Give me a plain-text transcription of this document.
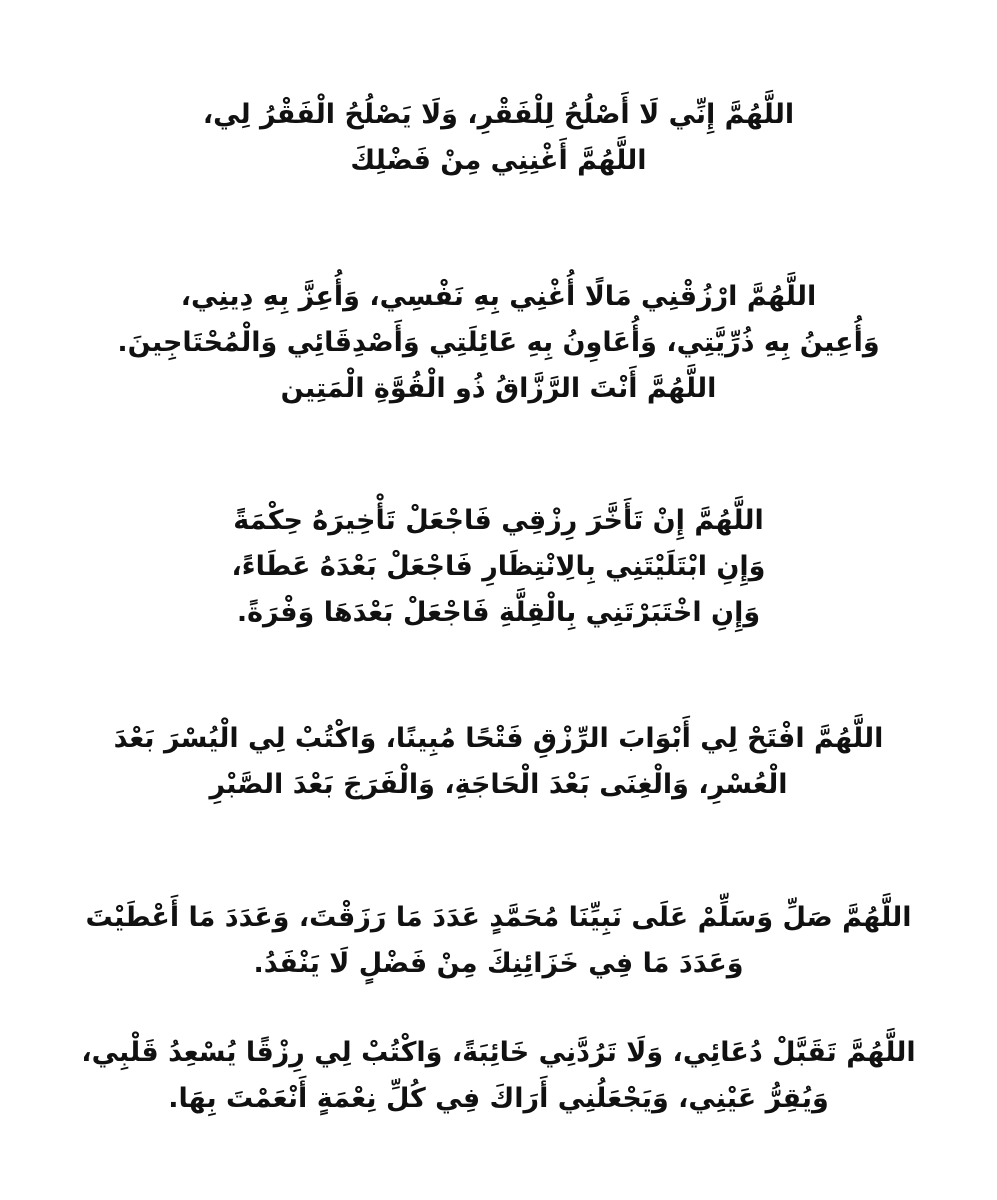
اللَّهُمَّ إِنِّي لَا أَصْلُحُ لِلْفَقْرِ، وَلَا يَصْلُحُ الْفَقْرُ لِي،
اللَّهُمَّ أَغْنِنِي مِنْ فَضْلِكَ
اللَّهُمَّ ارْزُقْنِي مَالًا أُغْنِي بِهِ نَفْسِي، وَأُعِزَّ بِهِ دِينِي،
وَأُعِينُ بِهِ ذُرِّيَّتِي، وَأُعَاوِنُ بِهِ عَائِلَتِي وَأَصْدِقَائِي وَالْمُحْتَاجِينَ.
اللَّهُمَّ أَنْتَ الرَّزَّاقُ ذُو الْقُوَّةِ الْمَتِين
اللَّهُمَّ إِنْ تَأَخَّرَ رِزْقِي فَاجْعَلْ تَأْخِيرَهُ حِكْمَةً
وَإِنِ ابْتَلَيْتَنِي بِالِانْتِظَارِ فَاجْعَلْ بَعْدَهُ عَطَاءً،
وَإِنِ اخْتَبَرْتَنِي بِالْقِلَّةِ فَاجْعَلْ بَعْدَهَا وَفْرَةً.
اللَّهُمَّ افْتَحْ لِي أَبْوَابَ الرِّزْقِ فَتْحًا مُبِينًا، وَاكْتُبْ لِي الْيُسْرَ بَعْدَ
الْعُسْرِ، وَالْغِنَى بَعْدَ الْحَاجَةِ، وَالْفَرَجَ بَعْدَ الصَّبْرِ
اللَّهُمَّ صَلِّ وَسَلِّمْ عَلَى نَبِيِّنَا مُحَمَّدٍ عَدَدَ مَا رَزَقْتَ، وَعَدَدَ مَا أَعْطَيْتَ
وَعَدَدَ مَا فِي خَزَائِنِكَ مِنْ فَضْلٍ لَا يَنْفَدُ.
اللَّهُمَّ تَقَبَّلْ دُعَائِي، وَلَا تَرُدَّنِي خَائِبَةً، وَاكْتُبْ لِي رِزْقًا يُسْعِدُ قَلْبِي،
وَيُقِرُّ عَيْنِي، وَيَجْعَلُنِي أَرَاكَ فِي كُلِّ نِعْمَةٍ أَنْعَمْتَ بِهَا.
